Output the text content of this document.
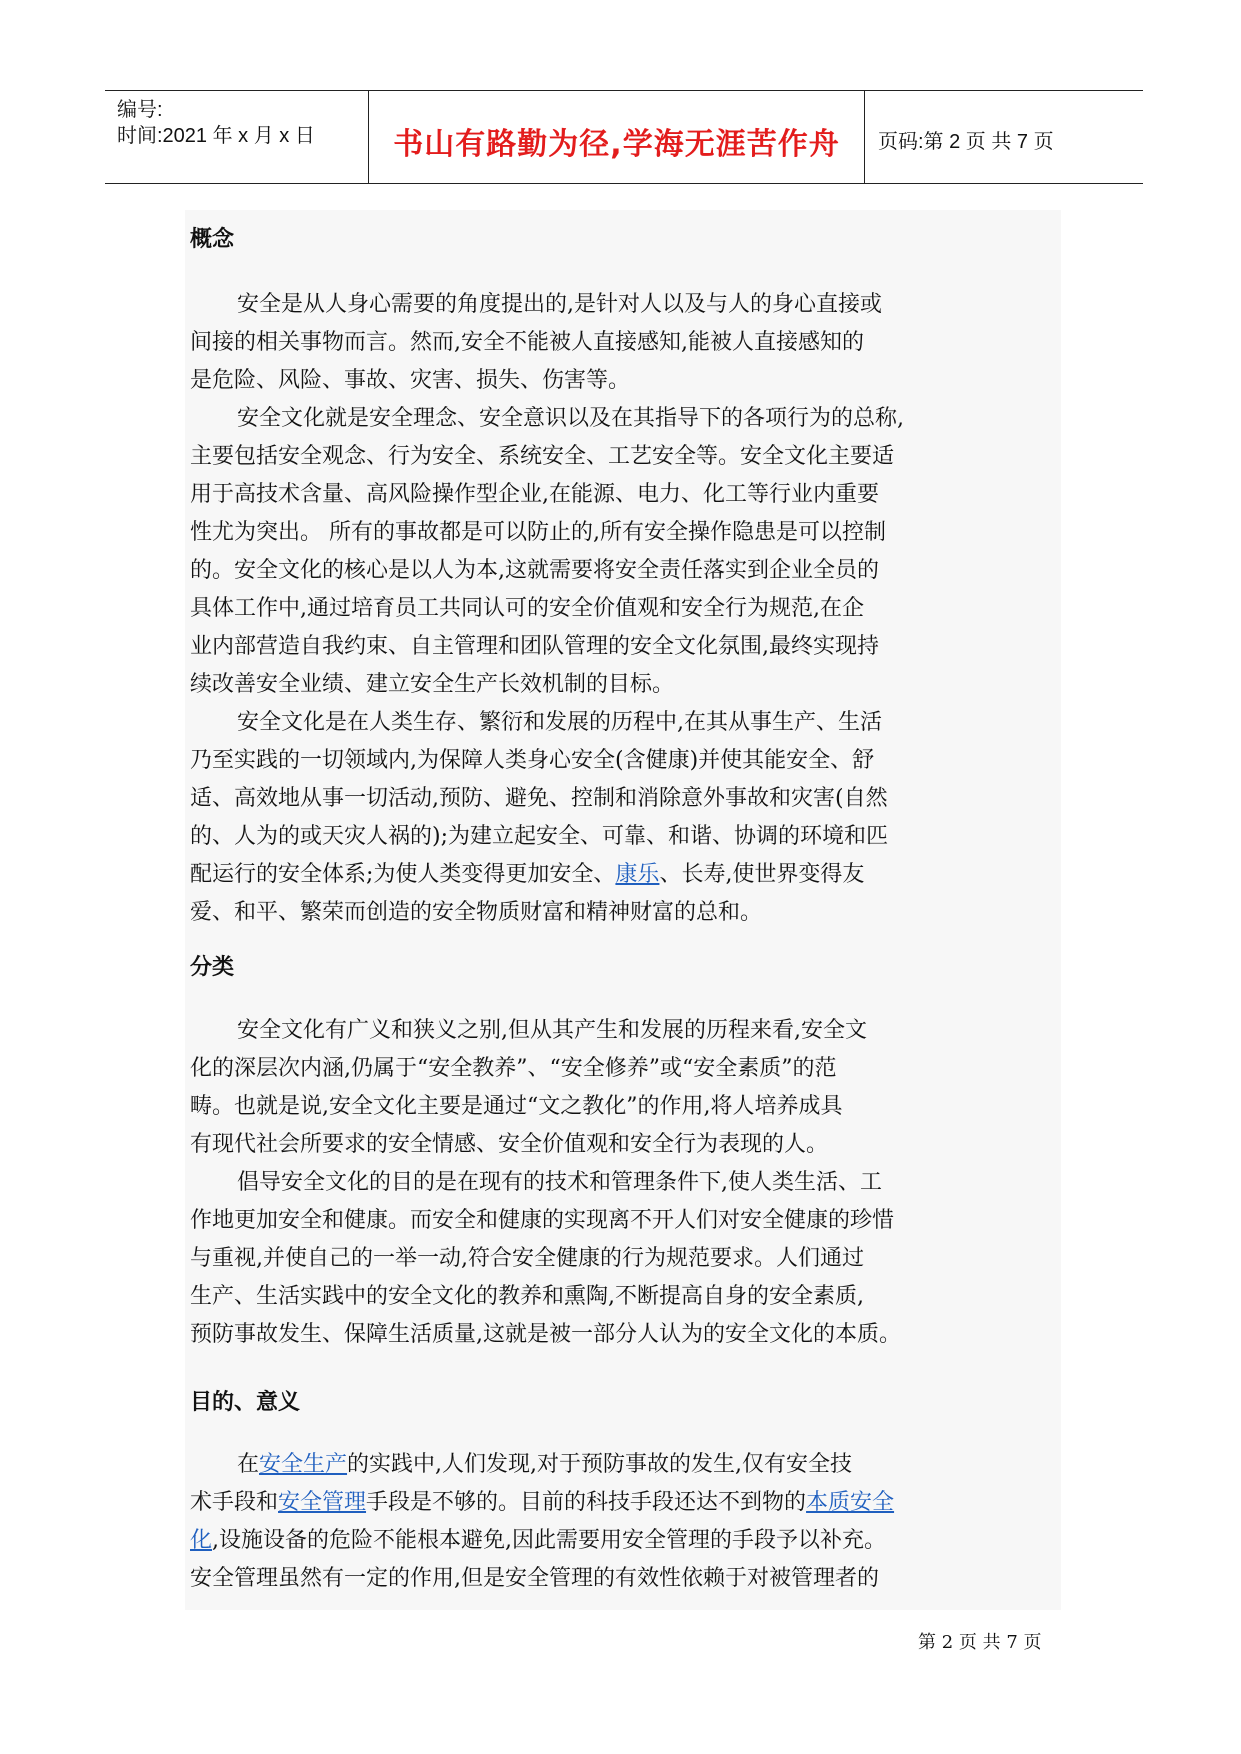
编号:
时间:2021 年 x 月 x 日	书山有路勤为径,学海无涯苦作舟	页码:第 2 页 共 7 页
概念
安全是从人身心需要的角度提出的,是针对人以及与人的身心直接或
间接的相关事物而言。然而,安全不能被人直接感知,能被人直接感知的
是危险、风险、事故、灾害、损失、伤害等。
安全文化就是安全理念、安全意识以及在其指导下的各项行为的总称,
主要包括安全观念、行为安全、系统安全、工艺安全等。安全文化主要适
用于高技术含量、高风险操作型企业,在能源、电力、化工等行业内重要
性尤为突出。 所有的事故都是可以防止的,所有安全操作隐患是可以控制
的。安全文化的核心是以人为本,这就需要将安全责任落实到企业全员的
具体工作中,通过培育员工共同认可的安全价值观和安全行为规范,在企
业内部营造自我约束、自主管理和团队管理的安全文化氛围,最终实现持
续改善安全业绩、建立安全生产长效机制的目标。
安全文化是在人类生存、繁衍和发展的历程中,在其从事生产、生活
乃至实践的一切领域内,为保障人类身心安全(含健康)并使其能安全、舒
适、高效地从事一切活动,预防、避免、控制和消除意外事故和灾害(自然
的、人为的或天灾人祸的);为建立起安全、可靠、和谐、协调的环境和匹
配运行的安全体系;为使人类变得更加安全、康乐、长寿,使世界变得友
爱、和平、繁荣而创造的安全物质财富和精神财富的总和。
分类
安全文化有广义和狭义之别,但从其产生和发展的历程来看,安全文
化的深层次内涵,仍属于“安全教养”、“安全修养”或“安全素质”的范
畴。也就是说,安全文化主要是通过“文之教化”的作用,将人培养成具
有现代社会所要求的安全情感、安全价值观和安全行为表现的人。
倡导安全文化的目的是在现有的技术和管理条件下,使人类生活、工
作地更加安全和健康。而安全和健康的实现离不开人们对安全健康的珍惜
与重视,并使自己的一举一动,符合安全健康的行为规范要求。人们通过
生产、生活实践中的安全文化的教养和熏陶,不断提高自身的安全素质,
预防事故发生、保障生活质量,这就是被一部分人认为的安全文化的本质。
目的、意义
在安全生产的实践中,人们发现,对于预防事故的发生,仅有安全技
术手段和安全管理手段是不够的。目前的科技手段还达不到物的本质安全
化,设施设备的危险不能根本避免,因此需要用安全管理的手段予以补充。
安全管理虽然有一定的作用,但是安全管理的有效性依赖于对被管理者的
第 2 页 共 7 页
